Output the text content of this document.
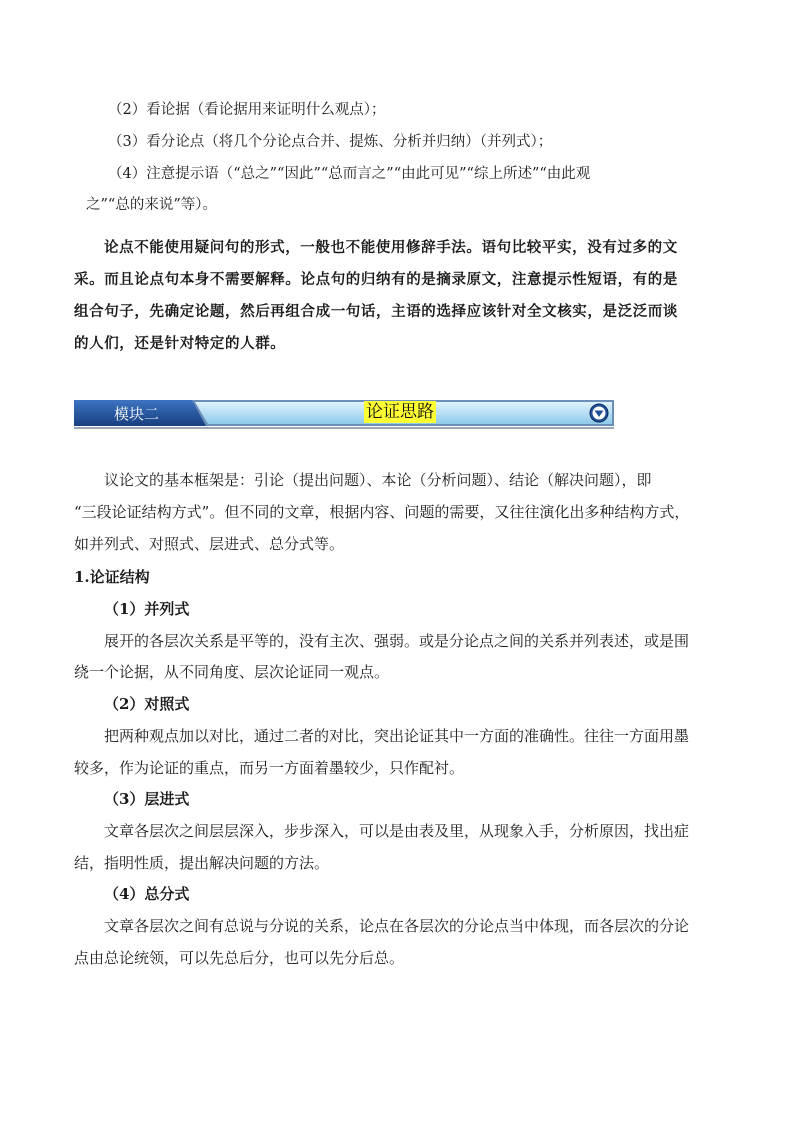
（2）看论据（看论据用来证明什么观点）；
（3）看分论点（将几个分论点合并、提炼、分析并归纳）（并列式）；
（4）注意提示语（“总之”“因此”“总而言之”“由此可见”“综上所述”“由此观
之”“总的来说”等）。
论点不能使用疑问句的形式，一般也不能使用修辞手法。语句比较平实，没有过多的文
采。而且论点句本身不需要解释。论点句的归纳有的是摘录原文，注意提示性短语，有的是
组合句子，先确定论题，然后再组合成一句话，主语的选择应该针对全文核实，是泛泛而谈
的人们，还是针对特定的人群。
模块二	论证思路
议论文的基本框架是：引论（提出问题）、本论（分析问题）、结论（解决问题），即
“三段论证结构方式”。但不同的文章，根据内容、问题的需要，又往往演化出多种结构方式，
如并列式、对照式、层进式、总分式等。
1.论证结构
（1）并列式
展开的各层次关系是平等的，没有主次、强弱。或是分论点之间的关系并列表述，或是围
绕一个论据，从不同角度、层次论证同一观点。
（2）对照式
把两种观点加以对比，通过二者的对比，突出论证其中一方面的准确性。往往一方面用墨
较多，作为论证的重点，而另一方面着墨较少，只作配衬。
（3）层进式
文章各层次之间层层深入，步步深入，可以是由表及里，从现象入手，分析原因，找出症
结，指明性质，提出解决问题的方法。
（4）总分式
文章各层次之间有总说与分说的关系，论点在各层次的分论点当中体现，而各层次的分论
点由总论统领，可以先总后分，也可以先分后总。
